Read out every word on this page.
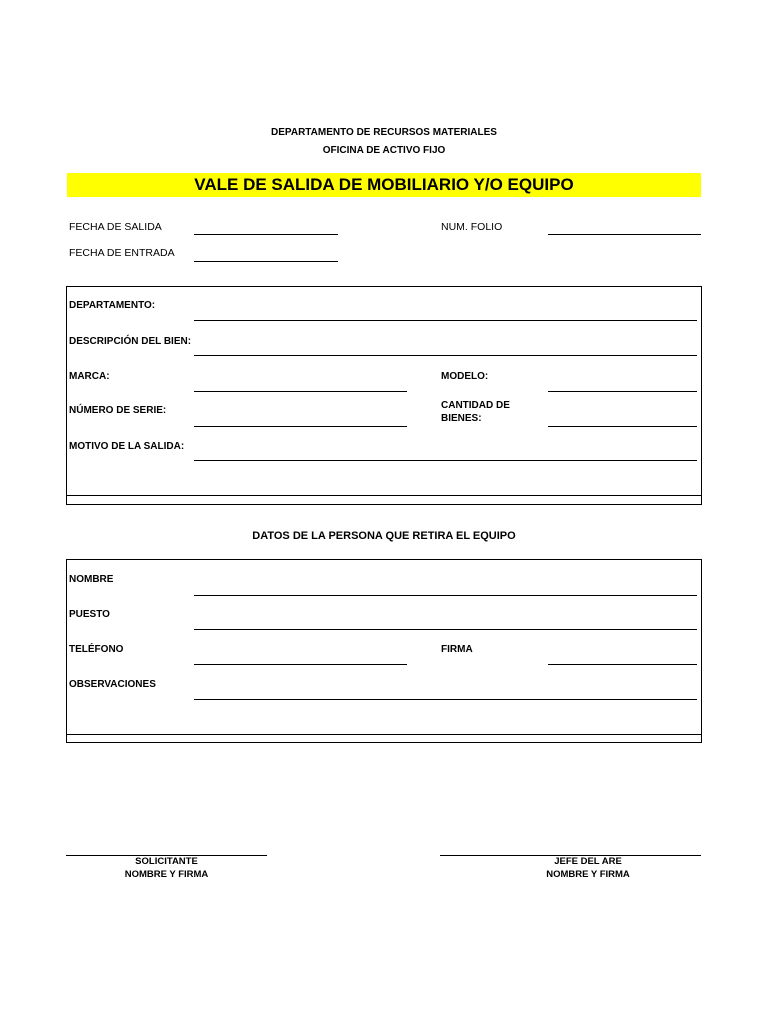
DEPARTAMENTO DE RECURSOS MATERIALES
OFICINA DE ACTIVO FIJO
VALE DE SALIDA DE MOBILIARIO Y/O EQUIPO
FECHA DE SALIDA	NUM. FOLIO
FECHA DE ENTRADA
DEPARTAMENTO:
DESCRIPCIÓN DEL BIEN:
MARCA:	MODELO:
NÚMERO DE SERIE:	CANTIDAD DE
BIENES:
MOTIVO DE LA SALIDA:
DATOS DE LA PERSONA QUE RETIRA EL EQUIPO
NOMBRE
PUESTO
TELÉFONO	FIRMA
OBSERVACIONES
SOLICITANTE
NOMBRE Y FIRMA
JEFE DEL ARE
NOMBRE Y FIRMA
